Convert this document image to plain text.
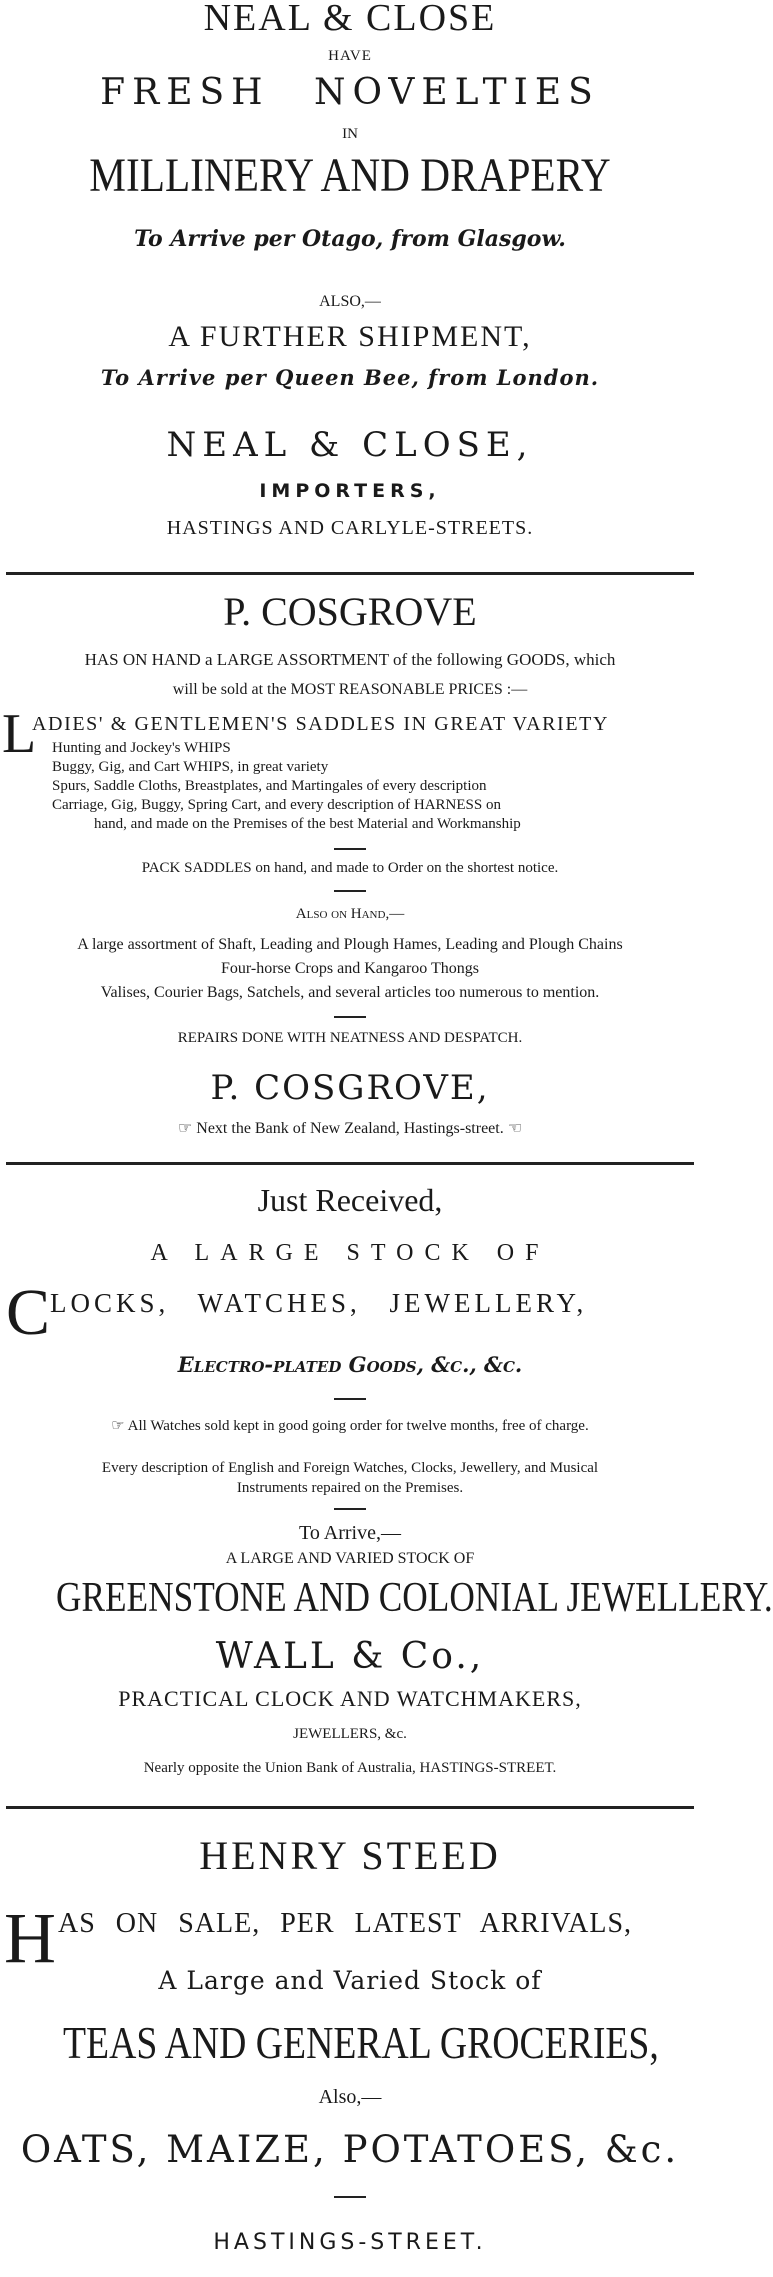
NEAL & CLOSE
HAVE
FRESH NOVELTIES
IN
MILLINERY AND DRAPERY
To Arrive per Otago, from Glasgow.
ALSO,—
A FURTHER SHIPMENT,
To Arrive per Queen Bee, from London.
NEAL & CLOSE,
IMPORTERS,
HASTINGS AND CARLYLE-STREETS.
P. COSGROVE
HAS ON HAND a LARGE ASSORTMENT of the following GOODS, which
will be sold at the MOST REASONABLE PRICES :—
L
ADIES' & GENTLEMEN'S SADDLES IN GREAT VARIETY
Hunting and Jockey's WHIPS
Buggy, Gig, and Cart WHIPS, in great variety
Spurs, Saddle Cloths, Breastplates, and Martingales of every description
Carriage, Gig, Buggy, Spring Cart, and every description of HARNESS on
hand, and made on the Premises of the best Material and Workmanship
PACK SADDLES on hand, and made to Order on the shortest notice.
Also on Hand,—
A large assortment of Shaft, Leading and Plough Hames, Leading and Plough Chains
Four-horse Crops and Kangaroo Thongs
Valises, Courier Bags, Satchels, and several articles too numerous to mention.
REPAIRS DONE WITH NEATNESS AND DESPATCH.
P. COSGROVE,
☞ Next the Bank of New Zealand, Hastings-street. ☜
Just Received,
A LARGE STOCK OF
C LOCKS, WATCHES, JEWELLERY,
Electro-plated Goods, &c., &c.
☞ All Watches sold kept in good going order for twelve months, free of charge.
Every description of English and Foreign Watches, Clocks, Jewellery, and Musical
Instruments repaired on the Premises.
To Arrive,—
A LARGE AND VARIED STOCK OF
GREENSTONE AND COLONIAL JEWELLERY.
WALL & Co.,
PRACTICAL CLOCK AND WATCHMAKERS,
JEWELLERS, &c.
Nearly opposite the Union Bank of Australia, HASTINGS-STREET.
HENRY STEED
H AS ON SALE, PER LATEST ARRIVALS,
A Large and Varied Stock of
TEAS AND GENERAL GROCERIES,
Also,—
OATS, MAIZE, POTATOES, &c.
HASTINGS-STREET.
